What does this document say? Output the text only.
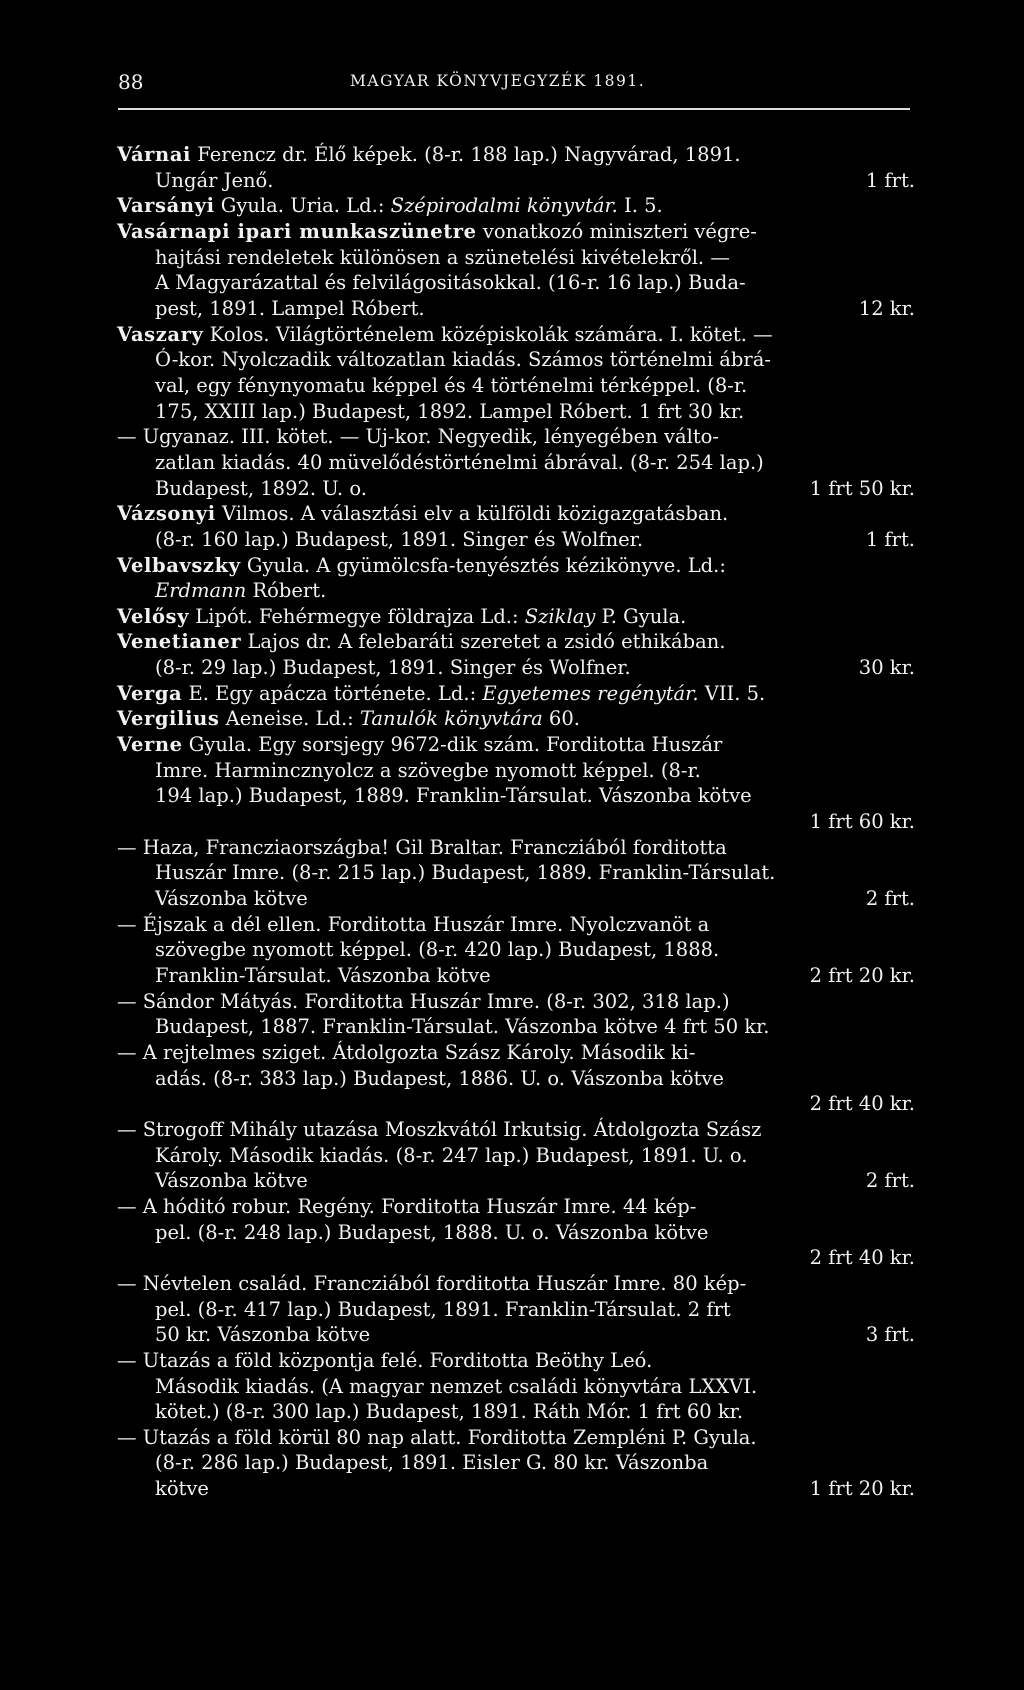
88	MAGYAR KÖNYVJEGYZÉK 1891.
Várnai Ferencz dr. Élő képek. (8-r. 188 lap.) Nagyvárad, 1891.
Ungár Jenő.	1 frt.
Varsányi Gyula. Uria. Ld.: Szépirodalmi könyvtár. I. 5.
Vasárnapi ipari munkaszünetre vonatkozó miniszteri végre-
hajtási rendeletek különösen a szünetelési kivételekről. —
A Magyarázattal és felvilágositásokkal. (16-r. 16 lap.) Buda-
pest, 1891. Lampel Róbert.	12 kr.
Vaszary Kolos. Világtörténelem középiskolák számára. I. kötet. —
Ó-kor. Nyolczadik változatlan kiadás. Számos történelmi ábrá-
val, egy fénynyomatu képpel és 4 történelmi térképpel. (8-r.
175, XXIII lap.) Budapest, 1892. Lampel Róbert. 1 frt 30 kr.
— Ugyanaz. III. kötet. — Uj-kor. Negyedik, lényegében válto-
zatlan kiadás. 40 müvelődéstörténelmi ábrával. (8-r. 254 lap.)
Budapest, 1892. U. o.	1 frt 50 kr.
Vázsonyi Vilmos. A választási elv a külföldi közigazgatásban.
(8-r. 160 lap.) Budapest, 1891. Singer és Wolfner.	1 frt.
Velbavszky Gyula. A gyümölcsfa-tenyésztés kézikönyve. Ld.:
Erdmann Róbert.
Velősy Lipót. Fehérmegye földrajza Ld.: Sziklay P. Gyula.
Venetianer Lajos dr. A felebaráti szeretet a zsidó ethikában.
(8-r. 29 lap.) Budapest, 1891. Singer és Wolfner.	30 kr.
Verga E. Egy apácza története. Ld.: Egyetemes regénytár. VII. 5.
Vergilius Aeneise. Ld.: Tanulók könyvtára 60.
Verne Gyula. Egy sorsjegy 9672-dik szám. Forditotta Huszár
Imre. Harmincznyolcz a szövegbe nyomott képpel. (8-r.
194 lap.) Budapest, 1889. Franklin-Társulat. Vászonba kötve
1 frt 60 kr.
— Haza, Francziaországba! Gil Braltar. Francziából forditotta
Huszár Imre. (8-r. 215 lap.) Budapest, 1889. Franklin-Társulat.
Vászonba kötve	2 frt.
— Éjszak a dél ellen. Forditotta Huszár Imre. Nyolczvanöt a
szövegbe nyomott képpel. (8-r. 420 lap.) Budapest, 1888.
Franklin-Társulat. Vászonba kötve	2 frt 20 kr.
— Sándor Mátyás. Forditotta Huszár Imre. (8-r. 302, 318 lap.)
Budapest, 1887. Franklin-Társulat. Vászonba kötve 4 frt 50 kr.
— A rejtelmes sziget. Átdolgozta Szász Károly. Második ki-
adás. (8-r. 383 lap.) Budapest, 1886. U. o. Vászonba kötve
2 frt 40 kr.
— Strogoff Mihály utazása Moszkvától Irkutsig. Átdolgozta Szász
Károly. Második kiadás. (8-r. 247 lap.) Budapest, 1891. U. o.
Vászonba kötve	2 frt.
— A hóditó robur. Regény. Forditotta Huszár Imre. 44 kép-
pel. (8-r. 248 lap.) Budapest, 1888. U. o. Vászonba kötve
2 frt 40 kr.
— Névtelen család. Francziából forditotta Huszár Imre. 80 kép-
pel. (8-r. 417 lap.) Budapest, 1891. Franklin-Társulat. 2 frt
50 kr. Vászonba kötve	3 frt.
— Utazás a föld központja felé. Forditotta Beöthy Leó.
Második kiadás. (A magyar nemzet családi könyvtára LXXVI.
kötet.) (8-r. 300 lap.) Budapest, 1891. Ráth Mór. 1 frt 60 kr.
— Utazás a föld körül 80 nap alatt. Forditotta Zempléni P. Gyula.
(8-r. 286 lap.) Budapest, 1891. Eisler G. 80 kr. Vászonba
kötve	1 frt 20 kr.
